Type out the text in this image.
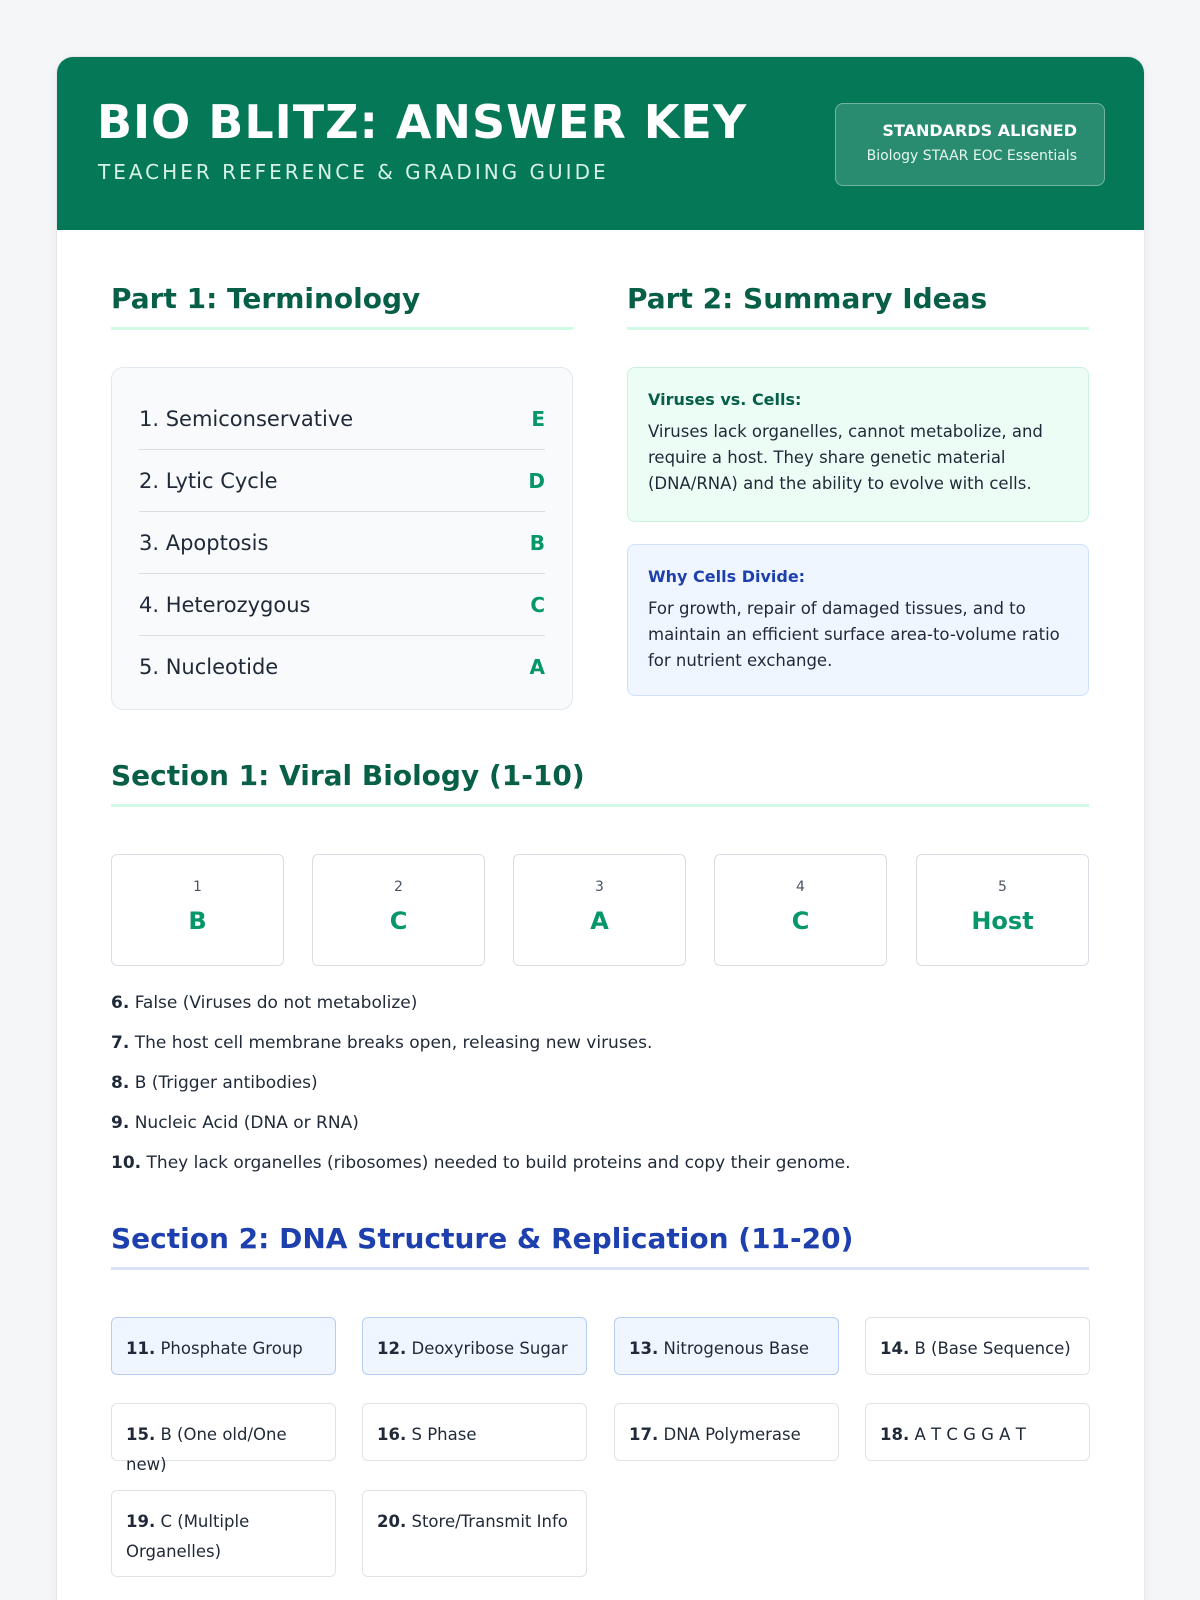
BIO BLITZ: ANSWER KEY
TEACHER REFERENCE & GRADING GUIDE
STANDARDS ALIGNED
Biology STAAR EOC Essentials
Part 1: Terminology
1. Semiconservative	E
2. Lytic Cycle	D
3. Apoptosis	B
4. Heterozygous	C
5. Nucleotide	A
Part 2: Summary Ideas
Viruses vs. Cells:
Viruses lack organelles, cannot metabolize, and require a host. They share genetic material (DNA/RNA) and the ability to evolve with cells.
Why Cells Divide:
For growth, repair of damaged tissues, and to maintain an efficient surface area-to-volume ratio for nutrient exchange.
Section 1: Viral Biology (1-10)
1
B
2
C
3
A
4
C
5
Host
6. False (Viruses do not metabolize)
7. The host cell membrane breaks open, releasing new viruses.
8. B (Trigger antibodies)
9. Nucleic Acid (DNA or RNA)
10. They lack organelles (ribosomes) needed to build proteins and copy their genome.
Section 2: DNA Structure & Replication (11-20)
11. Phosphate Group	12. Deoxyribose Sugar	13. Nitrogenous Base	14. B (Base Sequence)
15. B (One old/One new)
16. S Phase	17. DNA Polymerase	18. A T C G G A T
19. C (Multiple Organelles)
20. Store/Transmit Info
